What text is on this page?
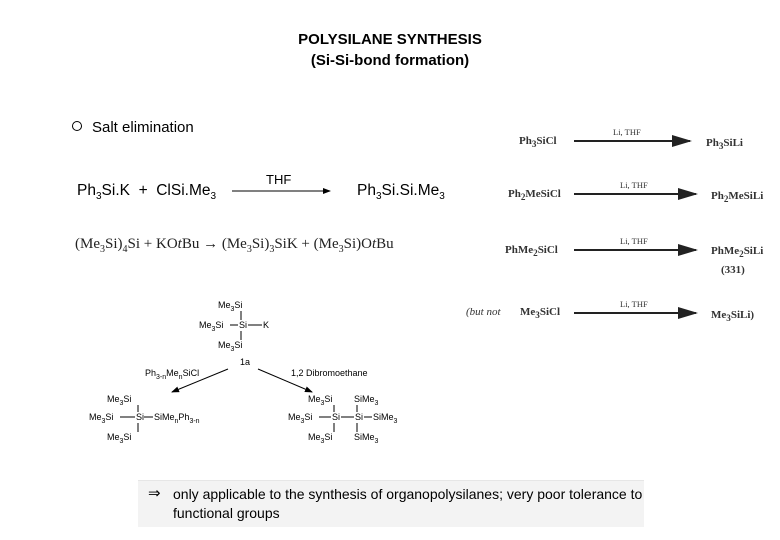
POLYSILANE SYNTHESIS
(Si-Si-bond formation)
Salt elimination
$Ph_3Si.K$  +  $ClSi.Me_3$
THF
$Ph_3Si.Si.Me_3$
$(Me_3Si)_4Si$ + KOtBu → $(Me_3Si)_3SiK$ + $(Me_3Si)OtBu$
$Me_3Si$
$Me_3Si$ Si K
$Me_3Si$
1a
$Ph_{3-n}Me_nSiCl$	1,2 Dibromoethane
$Me_3Si$
$Me_3Si$	Si $SiMe_nPh_{3-n}$
$Me_3Si$
$Me_3Si$ SiMe$_3$
$Me_3Si$ Si Si SiMe$_3$
$Me_3Si$ SiMe$_3$
$Ph_3SiCl$
Li, THF
$Ph_3SiLi$
$Ph_2MeSiCl$
Li, THF
$Ph_2MeSiLi$
PhMe$_2$SiCl
Li, THF
PhMe$_2$SiLi
(331)
(but not $Me_3SiCl$
Li, THF
$Me_3SiLi$)
⇒ only applicable to the synthesis of organopolysilanes; very poor tolerance to functional groups
